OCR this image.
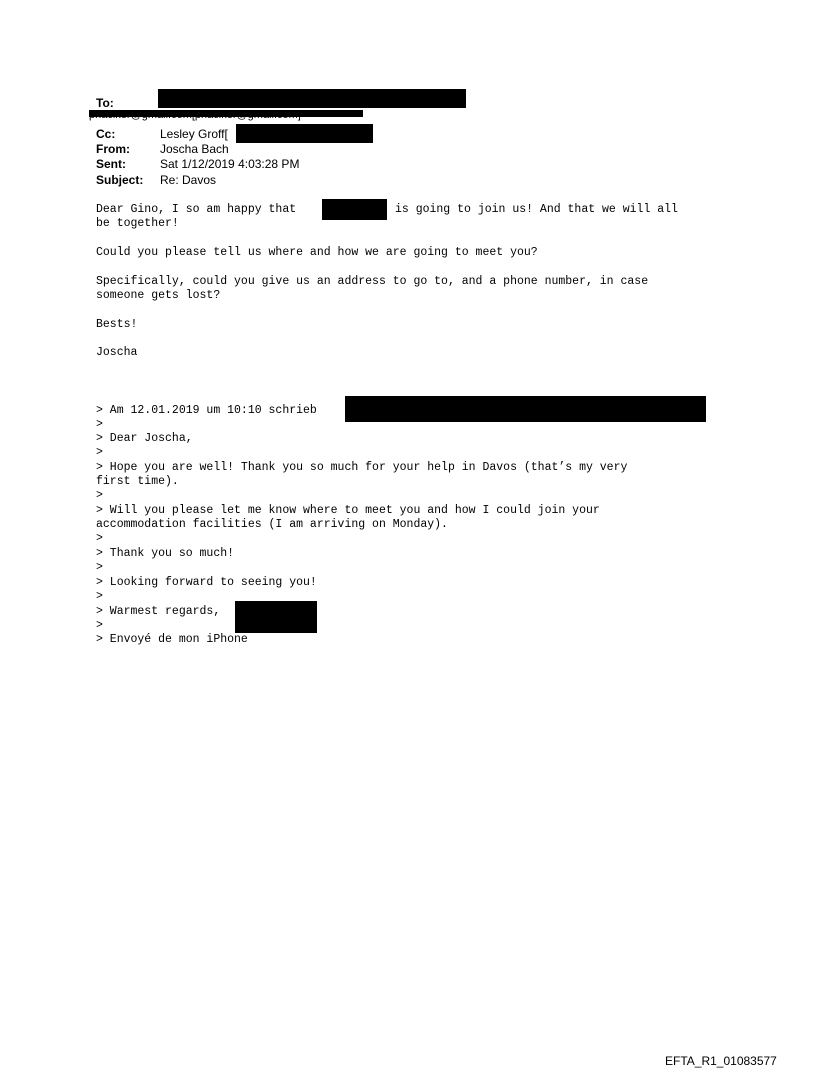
To:
Cc:	Lesley Groff[
From:	Joscha Bach
Sent:	Sat 1/12/2019 4:03:28 PM
Subject: Re: Davos
Dear Gino, I so am happy that	is going to join us! And that we will all
be together!
Could you please tell us where and how we are going to meet you?
Specifically, could you give us an address to go to, and a phone number, in case
someone gets lost?
Bests!
Joscha
> Am 12.01.2019 um 10:10 schrieb
>
> Dear Joscha,
>
> Hope you are well! Thank you so much for your help in Davos (that’s my very
first time).
>
> Will you please let me know where to meet you and how I could join your
accommodation facilities (I am arriving on Monday).
>
> Thank you so much!
>
> Looking forward to seeing you!
>
> Warmest regards,
>
> Envoyé de mon iPhone
EFTA_R1_01083577
